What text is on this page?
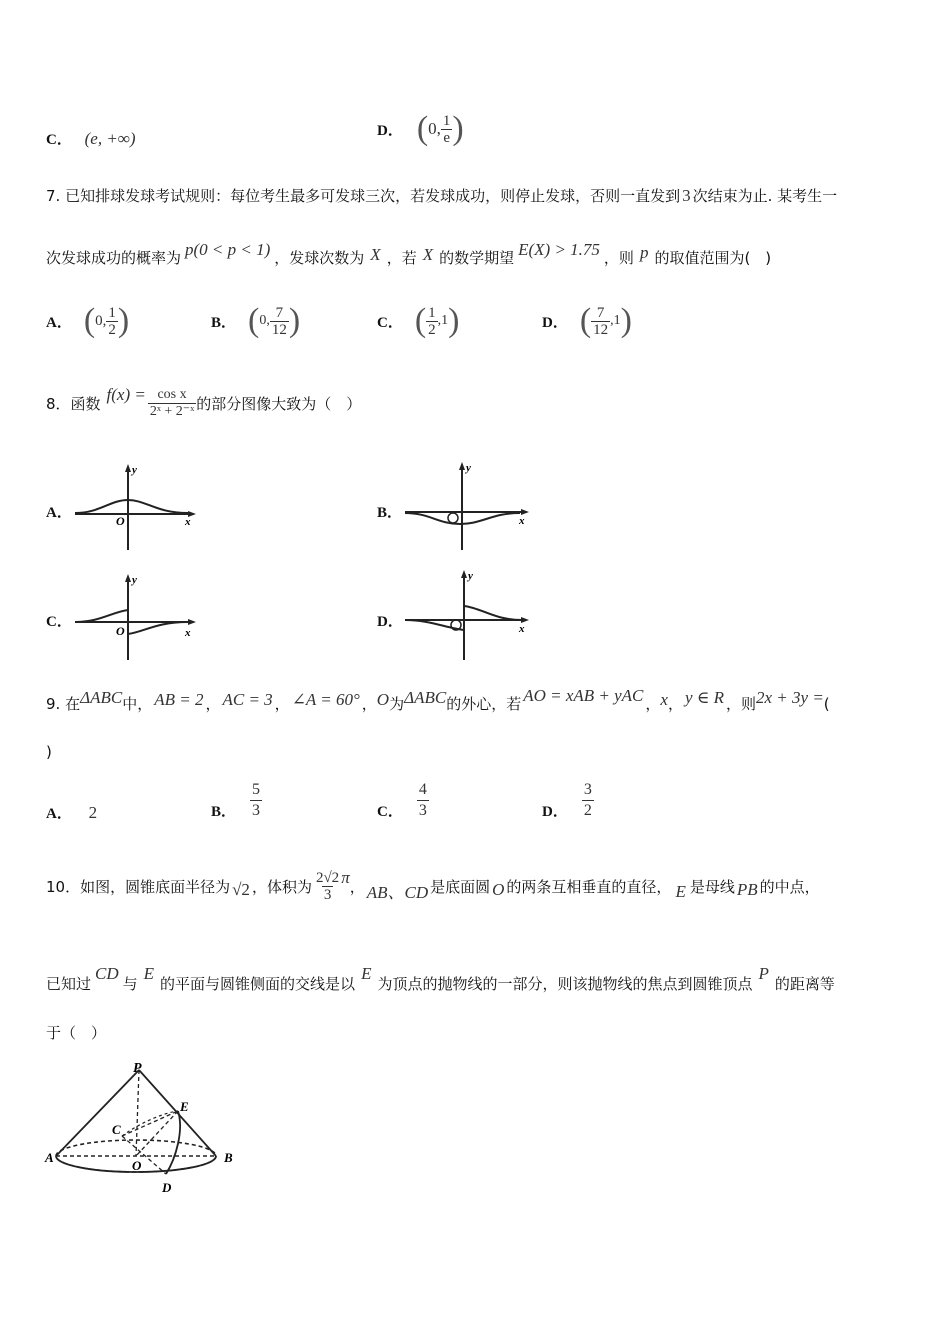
C． (e, +∞)	D． ( 0, $\frac{1}{e}$ )
7. 已知排球发球考试规则：每位考生最多可发球三次，若发球成功，则停止发球，否则一直发到 3 次结束为止. 某考生一
次发球成功的概率为 p(0 < p < 1) ，发球次数为 X ，若 X 的数学期望 E(X) > 1.75 ，则 p 的取值范围为(　)
A． ( 0, $\frac{1}{2}$ )	B． ( 0, $\frac{7}{12}$ )	C． ( $\frac{1}{2} ,1$ )	D． ( $\frac{7}{12} ,1$ )
8．函数 $f(x) = \frac{\text{cos x}}{\text{2ˣ + 2⁻ˣ}}$ 的部分图像大致为（　）
A．	B．
C．	D．
y
x
O
y
x
O
y
x
O
y
x
O
9. 在ΔABC中， AB = 2 ， AC = 3 ， ∠A = 60° ，O为ΔABC的外心，若 AO = xAB + yAC ，x， y ∈ R ，则2x + 3y =(
)
A． 2	B． $\frac{5}{3}$	C． $\frac{4}{3}$	D． $\frac{3}{2}$
10．如图，圆锥底面半径为 √2 ，体积为 $\frac{2√2}{3}$ π ， AB、CD 是底面圆 O 的两条互相垂直的直径， E 是母线 PB 的中点，
已知过CD与E的平面与圆锥侧面的交线是以E为顶点的抛物线的一部分，则该抛物线的焦点到圆锥顶点P的距离等
于（　）
P
E
C
O
A	B
D
